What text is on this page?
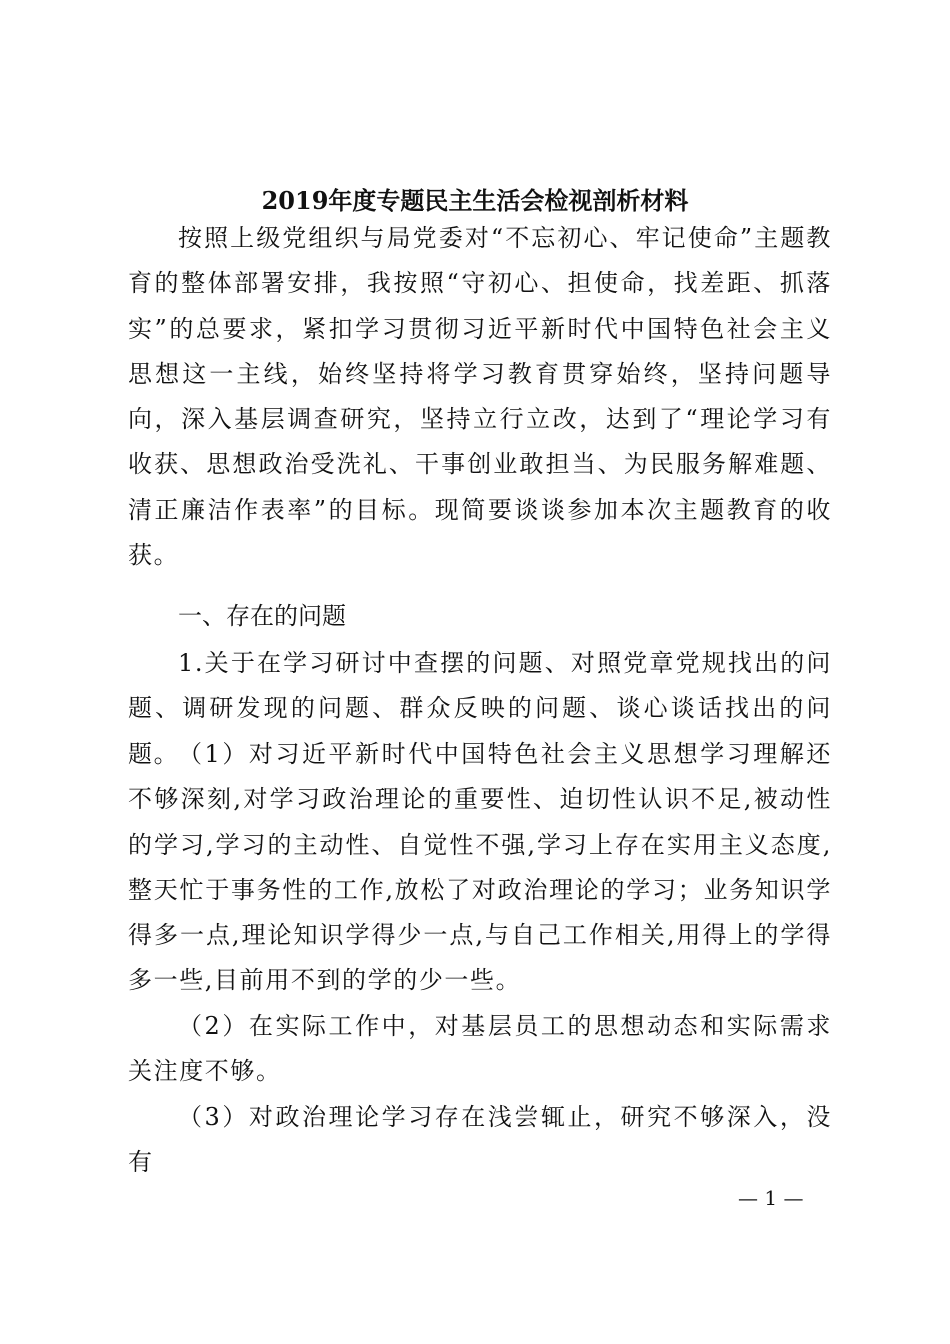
2019年度专题民主生活会检视剖析材料

按照上级党组织与局党委对“不忘初心、牢记使命”主题教育的整体部署安排，我按照“守初心、担使命，找差距、抓落实”的总要求，紧扣学习贯彻习近平新时代中国特色社会主义思想这一主线，始终坚持将学习教育贯穿始终，坚持问题导向，深入基层调查研究，坚持立行立改，达到了“理论学习有收获、思想政治受洗礼、干事创业敢担当、为民服务解难题、清正廉洁作表率”的目标。现简要谈谈参加本次主题教育的收获。

一、存在的问题

1.关于在学习研讨中查摆的问题、对照党章党规找出的问题、调研发现的问题、群众反映的问题、谈心谈话找出的问题。

（1）对习近平新时代中国特色社会主义思想学习理解还不够深刻,对学习政治理论的重要性、迫切性认识不足,被动性的学习,学习的主动性、自觉性不强,学习上存在实用主义态度,整天忙于事务性的工作,放松了对政治理论的学习；业务知识学得多一点,理论知识学得少一点,与自己工作相关,用得上的学得多一些,目前用不到的学的少一些。

（2）在实际工作中，对基层员工的思想动态和实际需求关注度不够。

（3）对政治理论学习存在浅尝辄止，研究不够深入，没有

— 1 —
